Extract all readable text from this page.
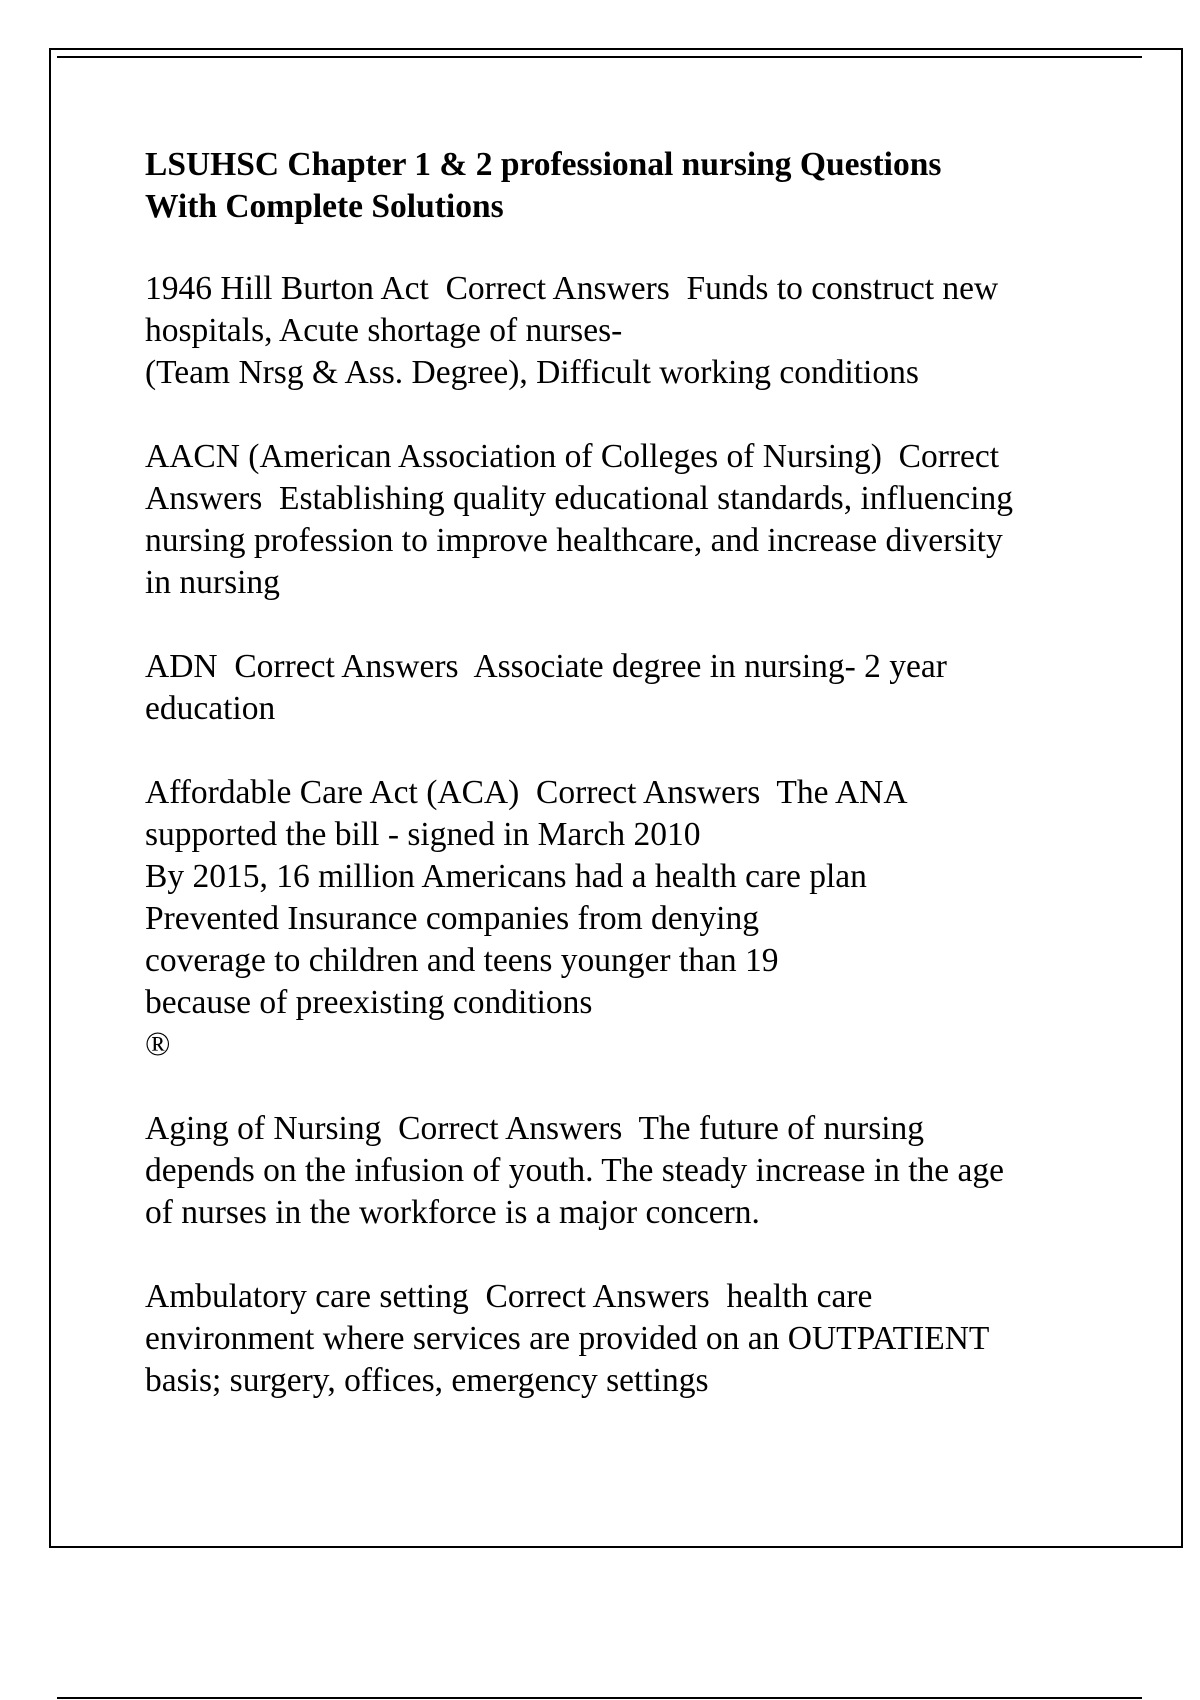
LSUHSC Chapter 1 & 2 professional nursing Questions
With Complete Solutions
1946 Hill Burton Act  Correct Answers  Funds to construct new
hospitals, Acute shortage of nurses-
(Team Nrsg & Ass. Degree), Difficult working conditions
AACN (American Association of Colleges of Nursing)  Correct
Answers  Establishing quality educational standards, influencing
nursing profession to improve healthcare, and increase diversity
in nursing
ADN  Correct Answers  Associate degree in nursing- 2 year
education
Affordable Care Act (ACA)  Correct Answers  The ANA
supported the bill - signed in March 2010
By 2015, 16 million Americans had a health care plan
Prevented Insurance companies from denying
coverage to children and teens younger than 19
because of preexisting conditions
®
Aging of Nursing  Correct Answers  The future of nursing
depends on the infusion of youth. The steady increase in the age
of nurses in the workforce is a major concern.
Ambulatory care setting  Correct Answers  health care
environment where services are provided on an OUTPATIENT
basis; surgery, offices, emergency settings
